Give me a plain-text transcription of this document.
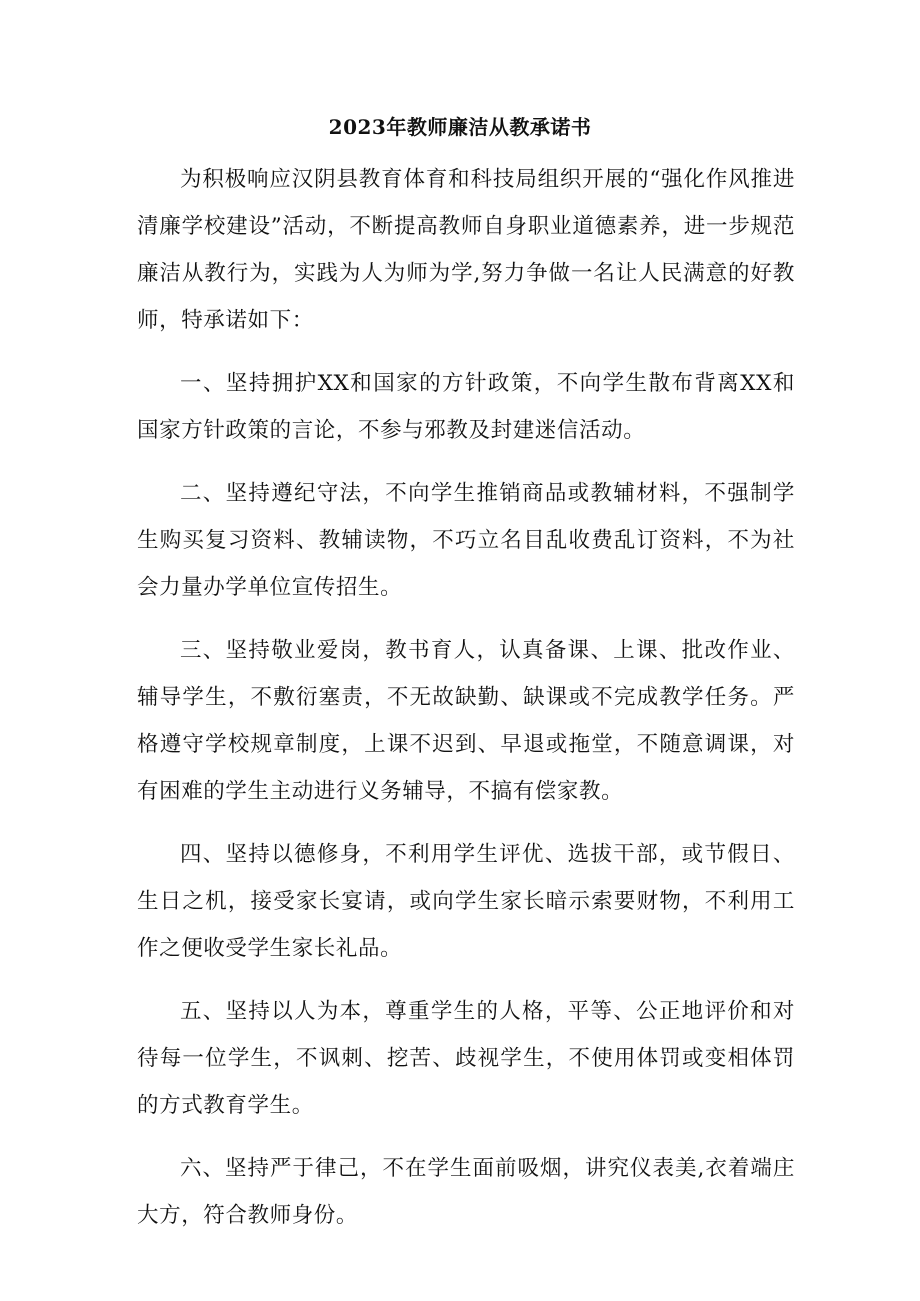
2023年教师廉洁从教承诺书

为积极响应汉阴县教育体育和科技局组织开展的“强化作风推进清廉学校建设”活动，不断提高教师自身职业道德素养，进一步规范廉洁从教行为，实践为人为师为学,努力争做一名让人民满意的好教师，特承诺如下：

一、坚持拥护XX和国家的方针政策，不向学生散布背离XX和国家方针政策的言论，不参与邪教及封建迷信活动。

二、坚持遵纪守法，不向学生推销商品或教辅材料，不强制学生购买复习资料、教辅读物，不巧立名目乱收费乱订资料，不为社会力量办学单位宣传招生。

三、坚持敬业爱岗，教书育人，认真备课、上课、批改作业、辅导学生，不敷衍塞责，不无故缺勤、缺课或不完成教学任务。严格遵守学校规章制度，上课不迟到、早退或拖堂，不随意调课，对有困难的学生主动进行义务辅导，不搞有偿家教。

四、坚持以德修身，不利用学生评优、选拔干部，或节假日、生日之机，接受家长宴请，或向学生家长暗示索要财物，不利用工作之便收受学生家长礼品。

五、坚持以人为本，尊重学生的人格，平等、公正地评价和对待每一位学生，不讽刺、挖苦、歧视学生，不使用体罚或变相体罚的方式教育学生。

六、坚持严于律己，不在学生面前吸烟，讲究仪表美,衣着端庄大方，符合教师身份。
